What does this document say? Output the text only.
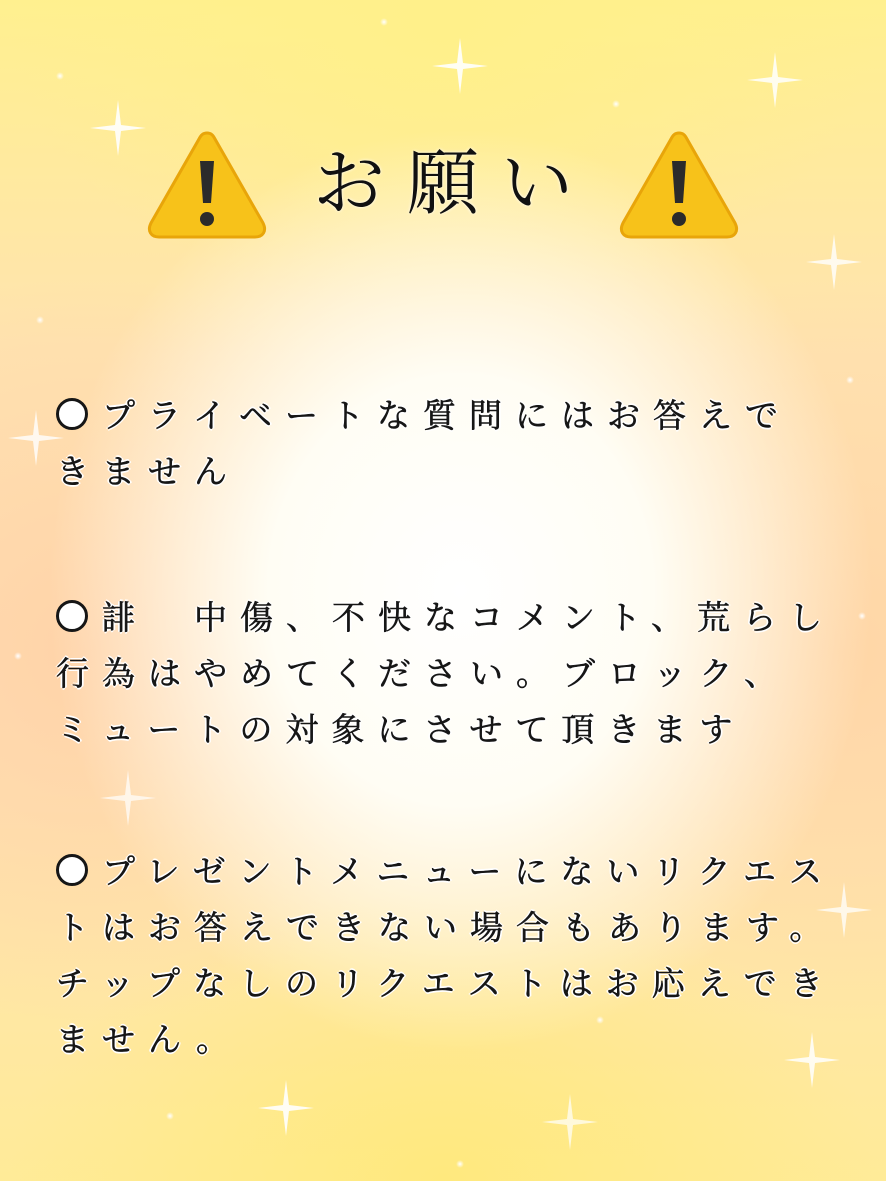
お願い
プライベートな質問にはお答えできません
誹　中傷、不快なコメント、荒らし行為はやめてください。ブロック、ミュートの対象にさせて頂きます
プレゼントメニューにないリクエストはお答えできない場合もあります。チップなしのリクエストはお応えできません。
